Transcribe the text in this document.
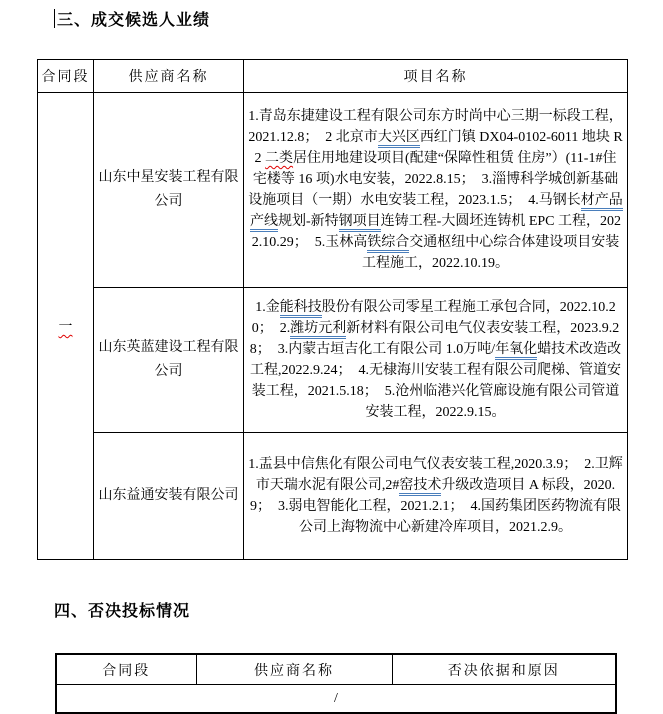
三、成交候选人业绩
合同段	供应商名称	项目名称
一	山东中星安装工程有限公司	1.青岛东捷建设工程有限公司东方时尚中心三期一标段工程，2021.12.8；  2 北京市大兴区西红门镇 DX04-0102-6011 地块 R2 二类居住用地建设项目(配建“保障性租赁 住房”）(11-1#住宅楼等 16 项)水电安装，2022.8.15；  3.淄博科学城创新基础设施项目（一期）水电安装工程，2023.1.5；  4.马钢长材产品产线规划-新特钢项目连铸工程-大圆坯连铸机 EPC 工程，2022.10.29；  5.玉林高铁综合交通枢纽中心综合体建设项目安装工程施工，2022.10.19。
	山东英蓝建设工程有限公司	1.金能科技股份有限公司零星工程施工承包合同，2022.10.20；  2.潍坊元利新材料有限公司电气仪表安装工程，2023.9.28；  3.内蒙古垣吉化工有限公司 1.0万吨/年氧化蜡技术改造改工程,2022.9.24；  4.无棣海川安装工程有限公司爬梯、管道安装工程，2021.5.18；  5.沧州临港兴化管廊设施有限公司管道安装工程，2022.9.15。
	山东益通安装有限公司	1.盂县中信焦化有限公司电气仪表安装工程,2020.3.9；  2.卫辉市天瑞水泥有限公司,2#窑技术升级改造项目 A 标段，2020.9；  3.弱电智能化工程，2021.2.1；  4.国药集团医药物流有限公司上海物流中心新建冷库项目，2021.2.9。
四、否决投标情况
合同段	供应商名称	否决依据和原因
/
